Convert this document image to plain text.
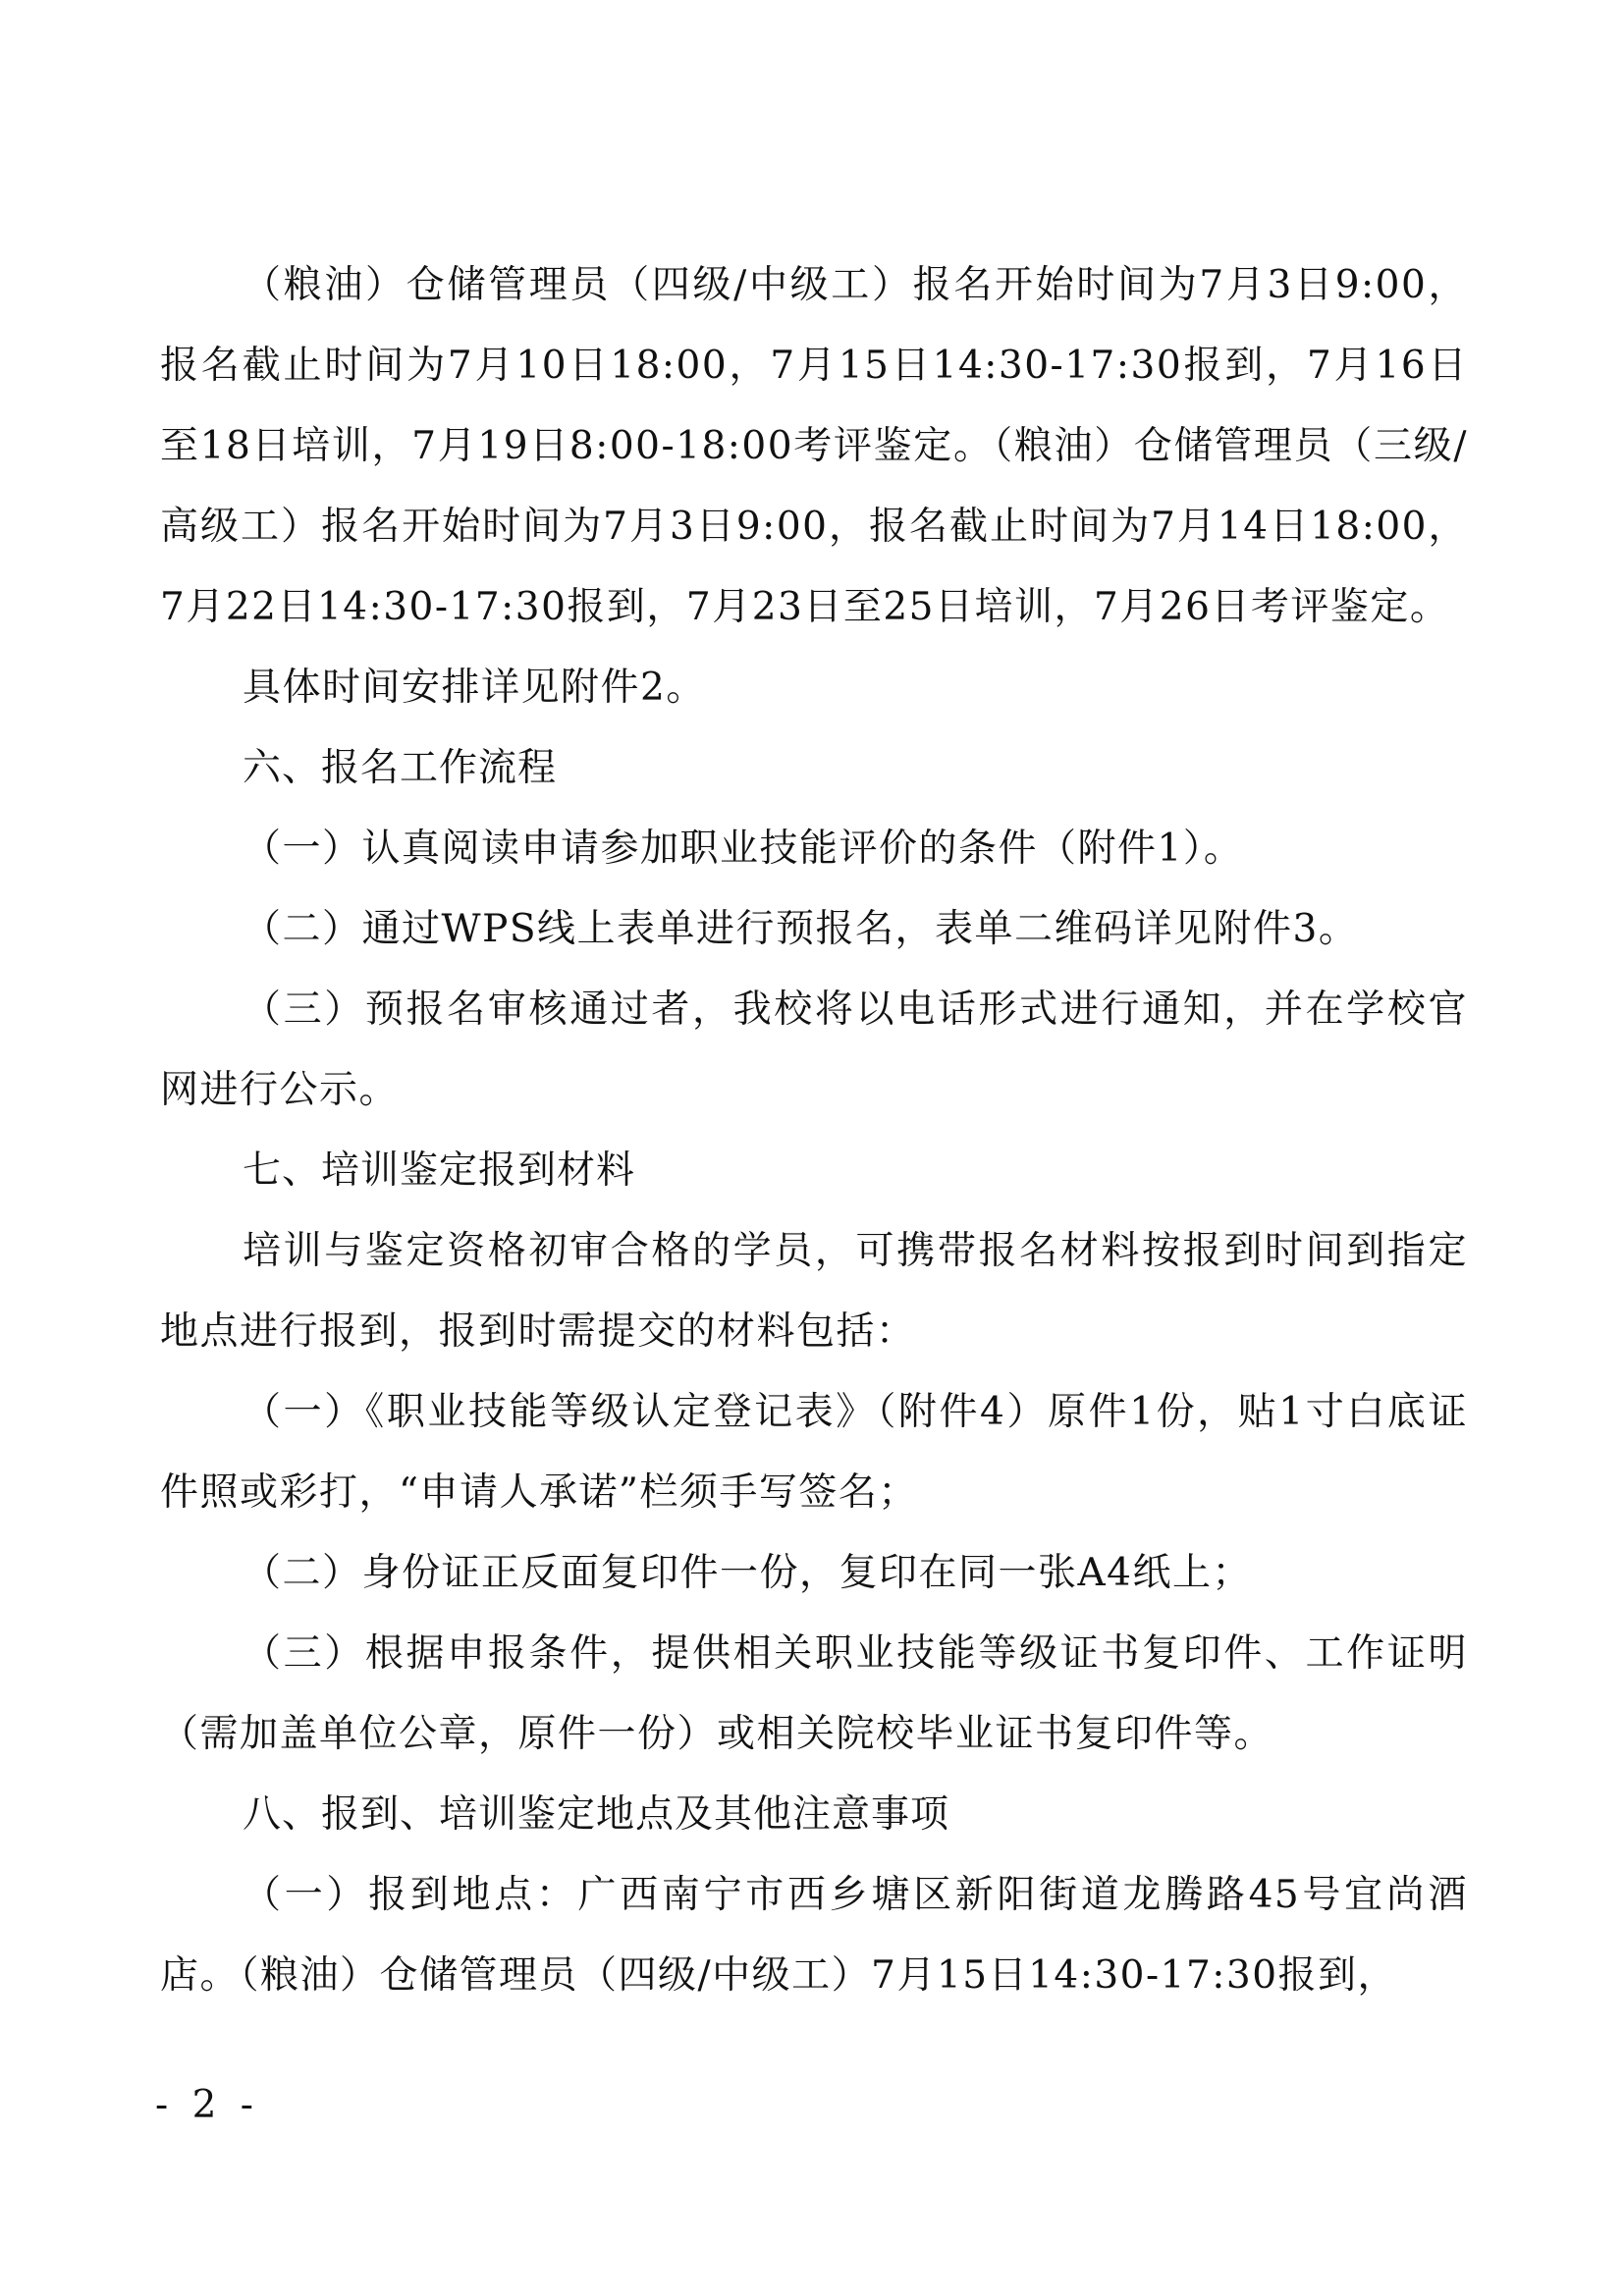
（粮油）仓储管理员（四级/中级工）报名开始时间为7月3日9:00，报名截止时间为7月10日18:00，7月15日14:30-17:30报到，7月16日至18日培训，7月19日8:00-18:00考评鉴定。（粮油）仓储管理员（三级/高级工）报名开始时间为7月3日9:00，报名截止时间为7月14日18:00，7月22日14:30-17:30报到，7月23日至25日培训，7月26日考评鉴定。

具体时间安排详见附件2。

六、报名工作流程

（一）认真阅读申请参加职业技能评价的条件（附件1）。

（二）通过WPS线上表单进行预报名，表单二维码详见附件3。

（三）预报名审核通过者，我校将以电话形式进行通知，并在学校官网进行公示。

七、培训鉴定报到材料

培训与鉴定资格初审合格的学员，可携带报名材料按报到时间到指定地点进行报到，报到时需提交的材料包括：

（一）《职业技能等级认定登记表》（附件4）原件1份，贴1寸白底证件照或彩打，“申请人承诺”栏须手写签名；

（二）身份证正反面复印件一份，复印在同一张A4纸上；

（三）根据申报条件，提供相关职业技能等级证书复印件、工作证明（需加盖单位公章，原件一份）或相关院校毕业证书复印件等。

八、报到、培训鉴定地点及其他注意事项

（一）报到地点：广西南宁市西乡塘区新阳街道龙腾路45号宜尚酒店。（粮油）仓储管理员（四级/中级工）7月15日14:30-17:30报到，

- 2 -
